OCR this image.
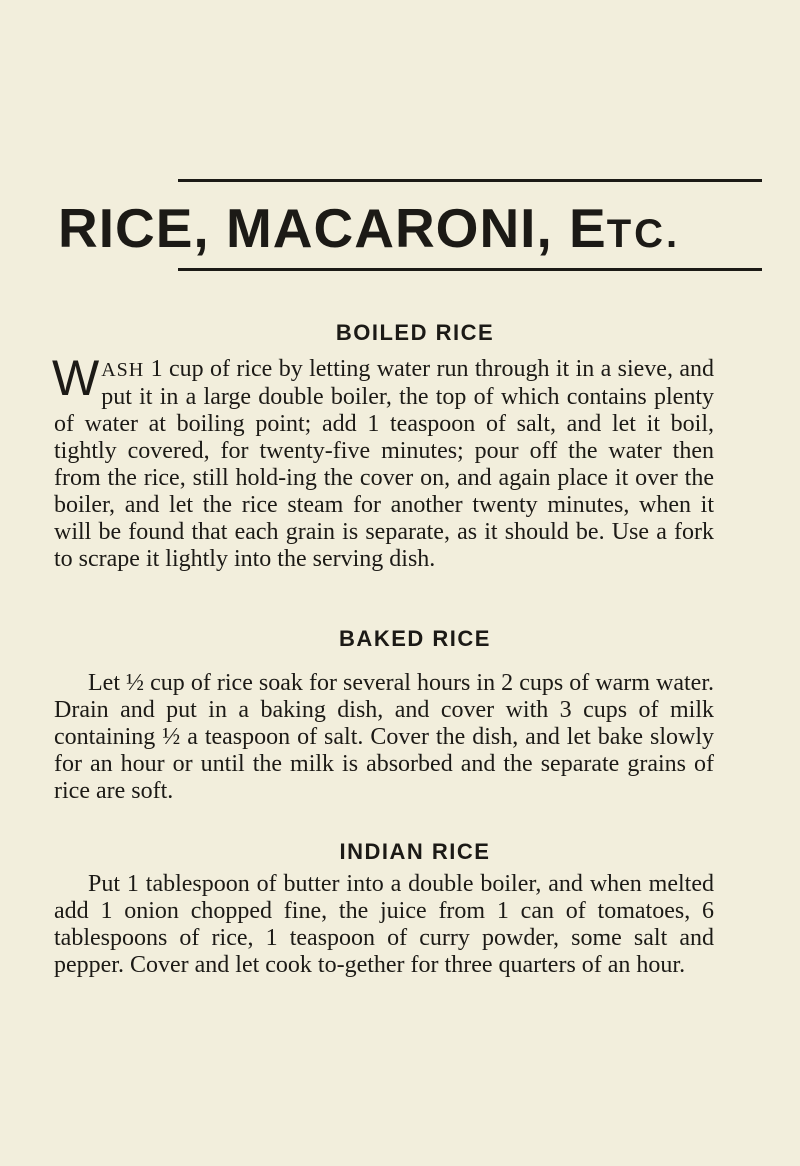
RICE, MACARONI, ETC.
BOILED RICE

WASH 1 cup of rice by letting water run through it in a sieve, and put it in a large double boiler, the top of which contains plenty of water at boiling point; add 1 teaspoon of salt, and let it boil, tightly covered, for twenty-five minutes; pour off the water then from the rice, still hold-ing the cover on, and again place it over the boiler, and let the rice steam for another twenty minutes, when it will be found that each grain is separate, as it should be. Use a fork to scrape it lightly into the serving dish.

BAKED RICE

Let ½ cup of rice soak for several hours in 2 cups of warm water. Drain and put in a baking dish, and cover with 3 cups of milk containing ½ a teaspoon of salt. Cover the dish, and let bake slowly for an hour or until the milk is absorbed and the separate grains of rice are soft.

INDIAN RICE

Put 1 tablespoon of butter into a double boiler, and when melted add 1 onion chopped fine, the juice from 1 can of tomatoes, 6 tablespoons of rice, 1 teaspoon of curry powder, some salt and pepper. Cover and let cook to-gether for three quarters of an hour.
